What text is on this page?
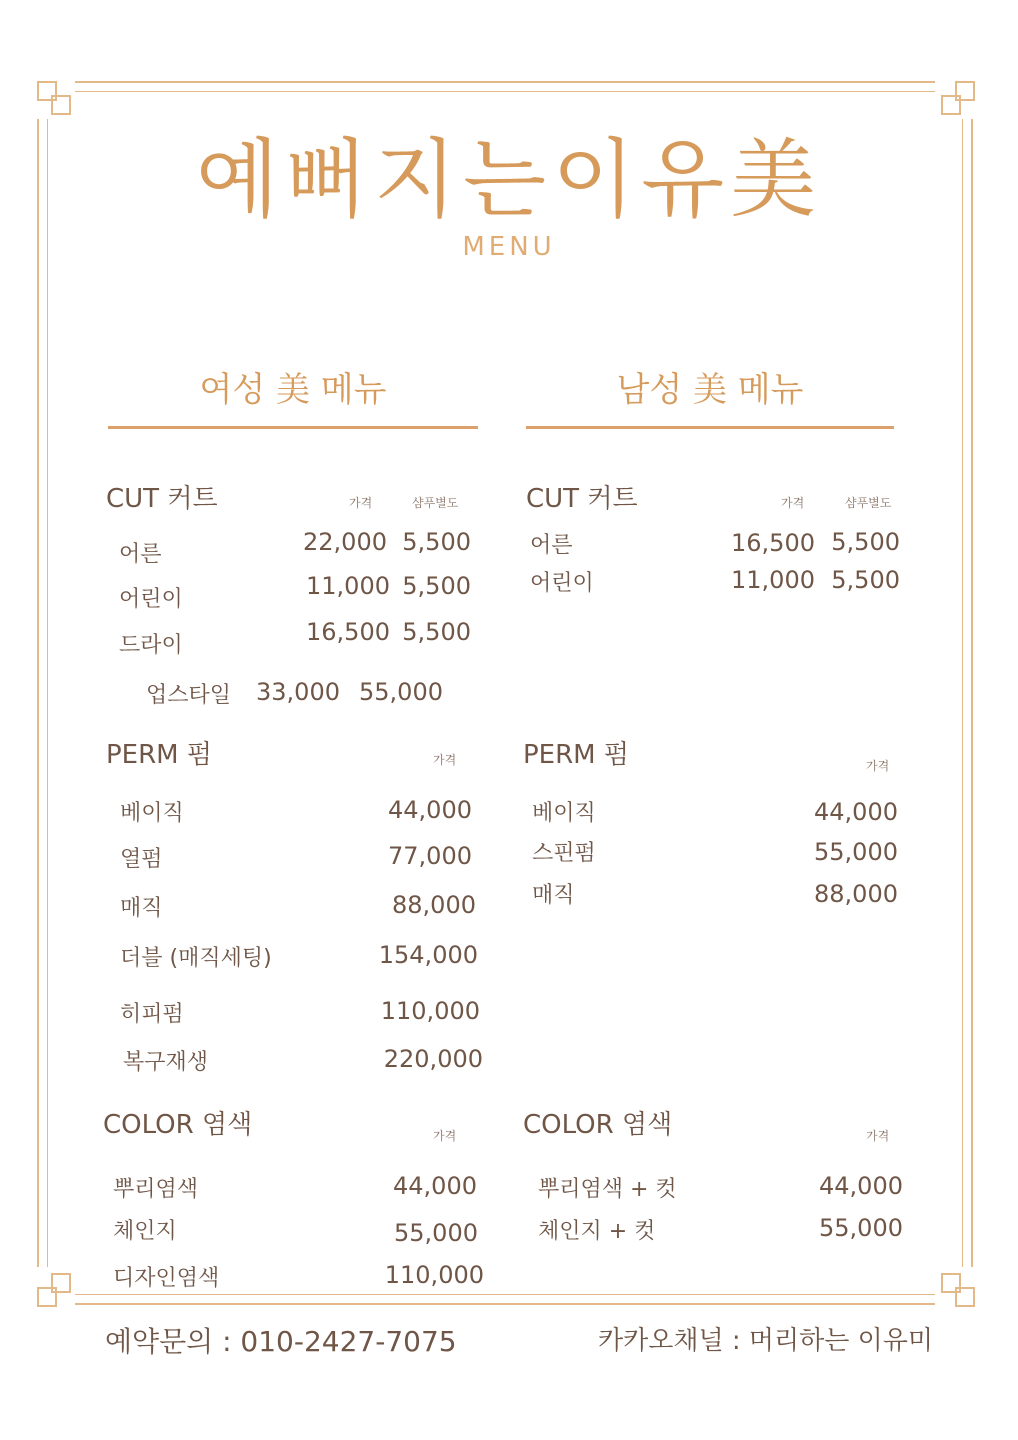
예뻐지는이유美
MENU
여성 美 메뉴	남성 美 메뉴
CUT 커트	가격	샴푸별도
어른	22,000 5,500
어린이	11,000 5,500
드라이	16,500 5,500
업스타일	33,000 55,000
CUT 커트	가격	샴푸별도
어른	16,500 5,500
어린이	11,000 5,500
PERM 펌	가격
베이직	44,000
열펌	77,000
매직	88,000
더블 (매직세팅)	154,000
히피펌	110,000
복구재생	220,000
PERM 펌	가격
베이직	44,000
스핀펌	55,000
매직	88,000
COLOR 염색	가격
뿌리염색	44,000
체인지	55,000
디자인염색	110,000
COLOR 염색	가격
뿌리염색 + 컷	44,000
체인지 + 컷	55,000
예약문의 : 010-2427-7075	카카오채널 : 머리하는 이유미
